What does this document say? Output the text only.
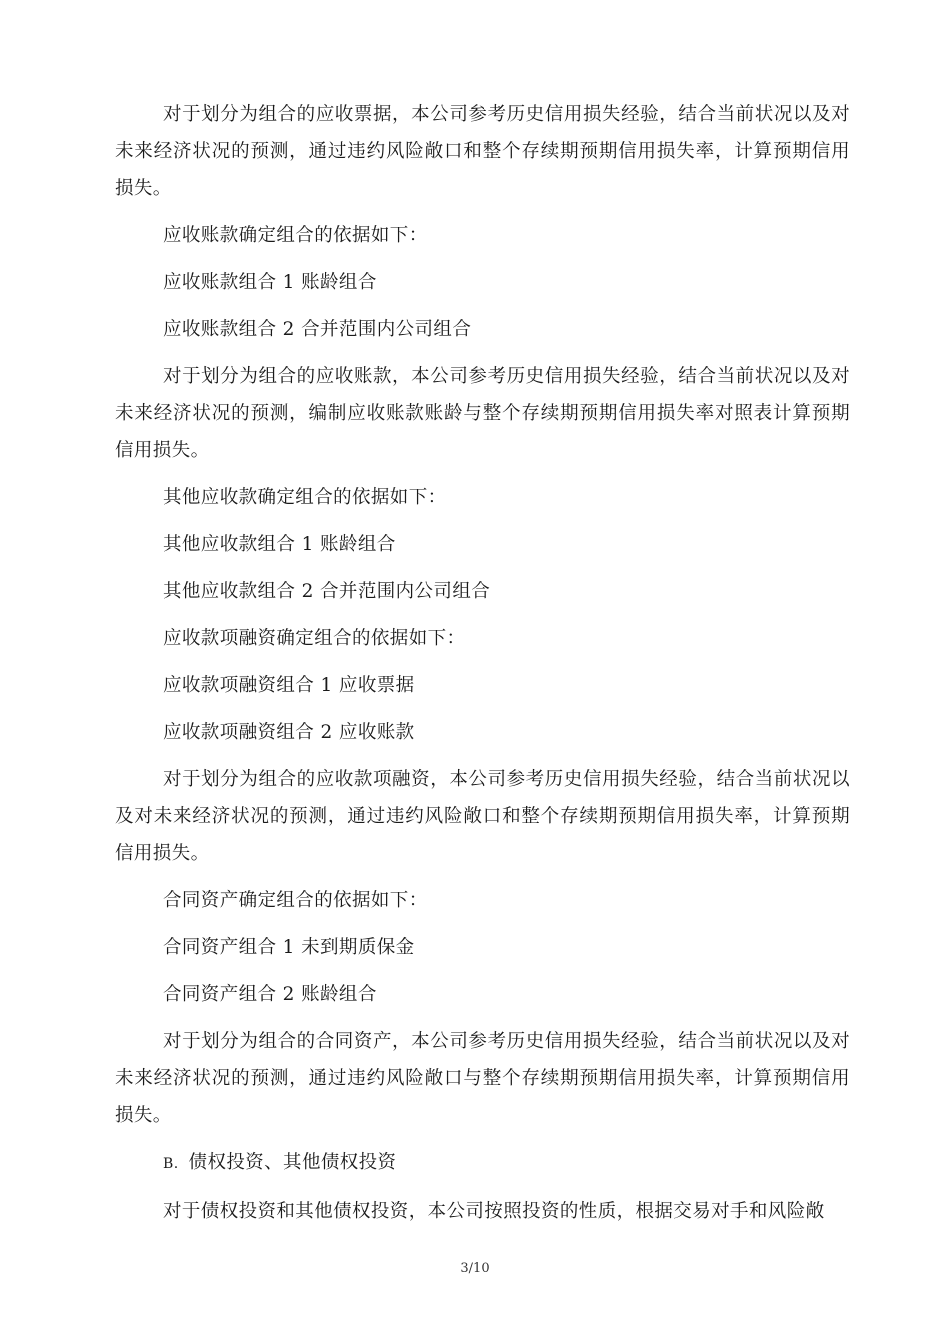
对于划分为组合的应收票据，本公司参考历史信用损失经验，结合当前状况以及对未来经济状况的预测，通过违约风险敞口和整个存续期预期信用损失率，计算预期信用损失。

应收账款确定组合的依据如下：

应收账款组合 1 账龄组合

应收账款组合 2 合并范围内公司组合

对于划分为组合的应收账款，本公司参考历史信用损失经验，结合当前状况以及对未来经济状况的预测，编制应收账款账龄与整个存续期预期信用损失率对照表计算预期信用损失。

其他应收款确定组合的依据如下：

其他应收款组合 1 账龄组合

其他应收款组合 2 合并范围内公司组合

应收款项融资确定组合的依据如下：

应收款项融资组合 1 应收票据

应收款项融资组合 2 应收账款

对于划分为组合的应收款项融资，本公司参考历史信用损失经验，结合当前状况以及对未来经济状况的预测，通过违约风险敞口和整个存续期预期信用损失率，计算预期信用损失。

合同资产确定组合的依据如下：

合同资产组合 1 未到期质保金

合同资产组合 2 账龄组合

对于划分为组合的合同资产，本公司参考历史信用损失经验，结合当前状况以及对未来经济状况的预测，通过违约风险敞口与整个存续期预期信用损失率，计算预期信用损失。

B. 债权投资、其他债权投资

对于债权投资和其他债权投资，本公司按照投资的性质，根据交易对手和风险敞

3/10
